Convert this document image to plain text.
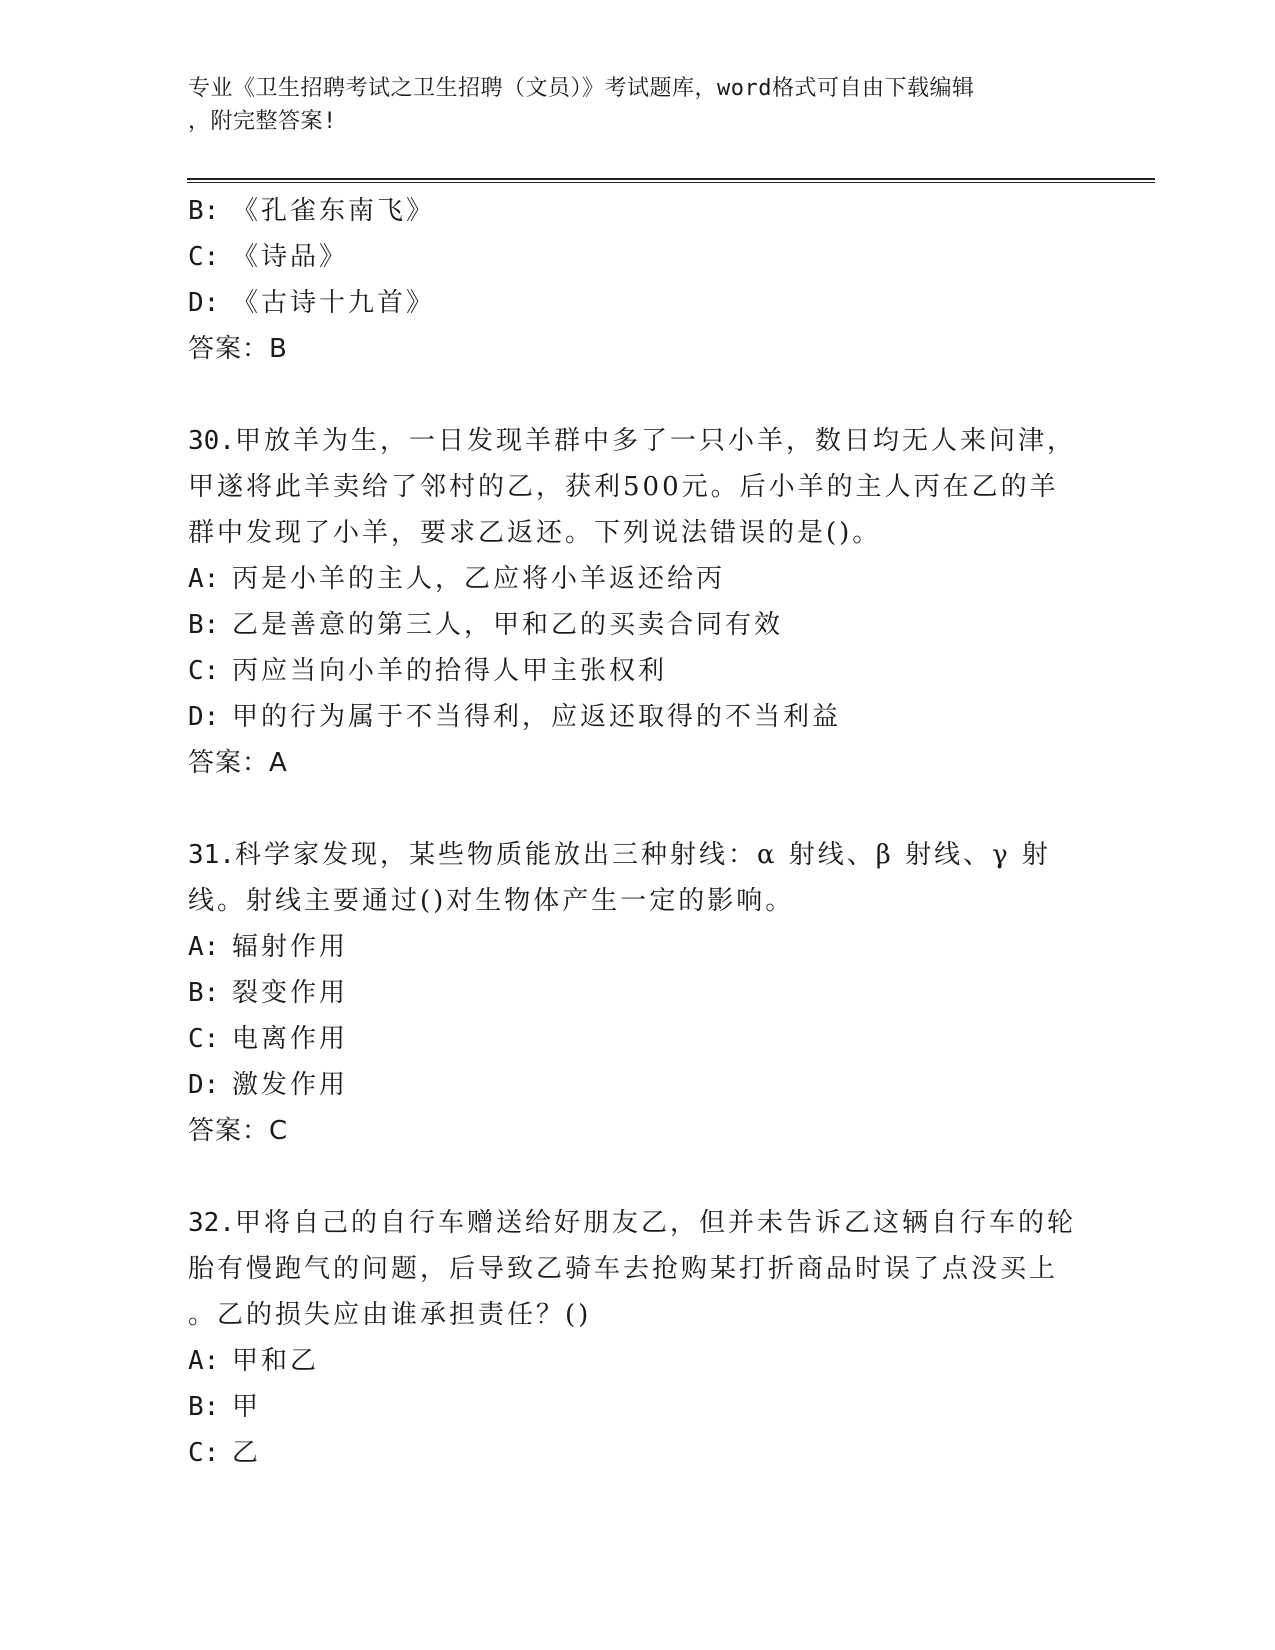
专业《卫生招聘考试之卫生招聘（文员）》考试题库，word格式可自由下载编辑
，附完整答案!
B: 《孔雀东南飞》
C: 《诗品》
D: 《古诗十九首》
答案：B
30.甲放羊为生，一日发现羊群中多了一只小羊，数日均无人来问津，
甲遂将此羊卖给了邻村的乙，获利500元。后小羊的主人丙在乙的羊
群中发现了小羊，要求乙返还。下列说法错误的是()。
A: 丙是小羊的主人，乙应将小羊返还给丙
B: 乙是善意的第三人，甲和乙的买卖合同有效
C: 丙应当向小羊的拾得人甲主张权利
D: 甲的行为属于不当得利，应返还取得的不当利益
答案：A
31.科学家发现，某些物质能放出三种射线：α 射线、β 射线、γ 射
线。射线主要通过()对生物体产生一定的影响。
A: 辐射作用
B: 裂变作用
C: 电离作用
D: 激发作用
答案：C
32.甲将自己的自行车赠送给好朋友乙，但并未告诉乙这辆自行车的轮
胎有慢跑气的问题，后导致乙骑车去抢购某打折商品时误了点没买上
。乙的损失应由谁承担责任？()
A: 甲和乙
B: 甲
C: 乙
